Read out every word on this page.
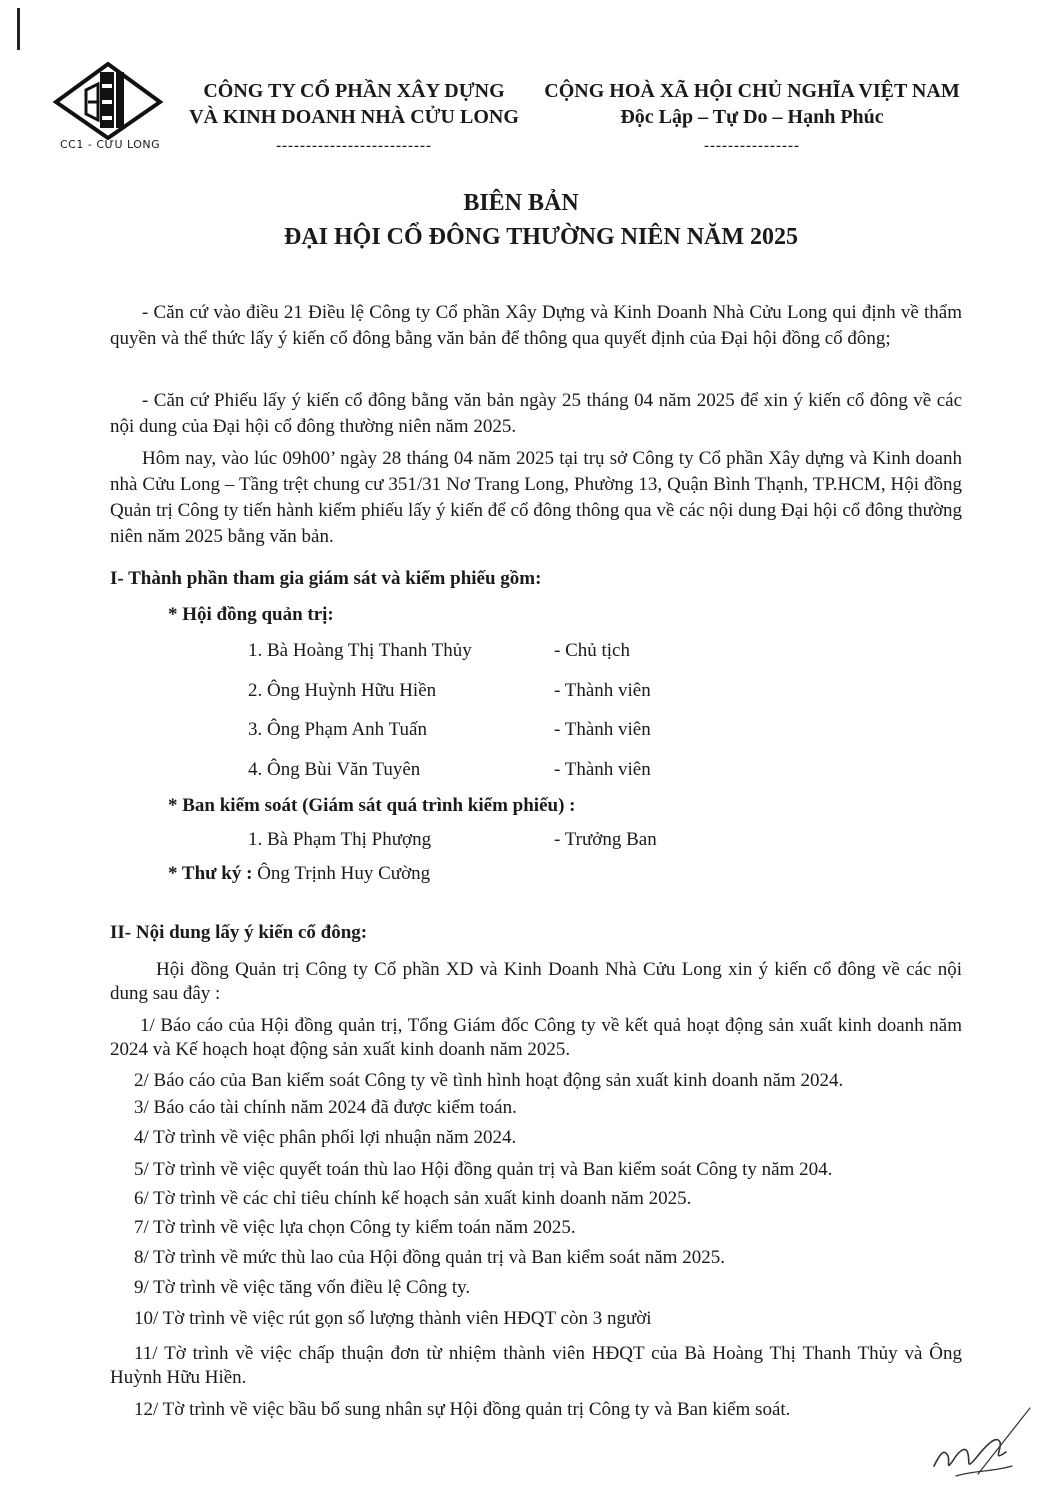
CC1 - CỬU LONG
CÔNG TY CỔ PHẦN XÂY DỰNG
VÀ KINH DOANH NHÀ CỬU LONG
--------------------------
CỘNG HOÀ XÃ HỘI CHỦ NGHĨA VIỆT NAM
Độc Lập – Tự Do – Hạnh Phúc
----------------
BIÊN BẢN
ĐẠI HỘI CỔ ĐÔNG THƯỜNG NIÊN NĂM 2025

- Căn cứ vào điều 21 Điều lệ Công ty Cổ phần Xây Dựng và Kinh Doanh Nhà Cửu Long qui định về thẩm quyền và thể thức lấy ý kiến cổ đông bằng văn bản để thông qua quyết định của Đại hội đồng cổ đông;

- Căn cứ Phiếu lấy ý kiến cổ đông bằng văn bản ngày 25 tháng 04 năm 2025 để xin ý kiến cổ đông về các nội dung của Đại hội cổ đông thường niên năm 2025.

Hôm nay, vào lúc 09h00’ ngày 28 tháng 04 năm 2025 tại trụ sở Công ty Cổ phần Xây dựng và Kinh doanh nhà Cửu Long – Tầng trệt chung cư 351/31 Nơ Trang Long, Phường 13, Quận Bình Thạnh, TP.HCM, Hội đồng Quản trị Công ty tiến hành kiểm phiếu lấy ý kiến để cổ đông thông qua về các nội dung Đại hội cổ đông thường niên năm 2025 bằng văn bản.

I- Thành phần tham gia giám sát và kiểm phiếu gồm:
* Hội đồng quản trị:
1. Bà Hoàng Thị Thanh Thủy	- Chủ tịch
2. Ông Huỳnh Hữu Hiền	- Thành viên
3. Ông Phạm Anh Tuấn	- Thành viên
4. Ông Bùi Văn Tuyên	- Thành viên
* Ban kiểm soát (Giám sát quá trình kiểm phiếu) :
1. Bà Phạm Thị Phượng	- Trưởng Ban
* Thư ký : Ông Trịnh Huy Cường
II- Nội dung lấy ý kiến cổ đông:

Hội đồng Quản trị Công ty Cổ phần XD và Kinh Doanh Nhà Cửu Long xin ý kiến cổ đông về các nội dung sau đây :

1/ Báo cáo của Hội đồng quản trị, Tổng Giám đốc Công ty về kết quả hoạt động sản xuất kinh doanh năm 2024 và Kế hoạch hoạt động sản xuất kinh doanh năm 2025.

2/ Báo cáo của Ban kiểm soát Công ty về tình hình hoạt động sản xuất kinh doanh năm 2024.

3/ Báo cáo tài chính năm 2024 đã được kiểm toán.

4/ Tờ trình về việc phân phối lợi nhuận năm 2024.

5/ Tờ trình về việc quyết toán thù lao Hội đồng quản trị và Ban kiểm soát Công ty năm 204.

6/ Tờ trình về các chỉ tiêu chính kế hoạch sản xuất kinh doanh năm 2025.

7/ Tờ trình về việc lựa chọn Công ty kiểm toán năm 2025.

8/ Tờ trình về mức thù lao của Hội đồng quản trị và Ban kiểm soát năm 2025.

9/ Tờ trình về việc tăng vốn điều lệ Công ty.

10/ Tờ trình về việc rút gọn số lượng thành viên HĐQT còn 3 người

11/ Tờ trình về việc chấp thuận đơn từ nhiệm thành viên HĐQT của Bà Hoàng Thị Thanh Thủy và Ông Huỳnh Hữu Hiền.

12/ Tờ trình về việc bầu bổ sung nhân sự Hội đồng quản trị Công ty và Ban kiểm soát.
